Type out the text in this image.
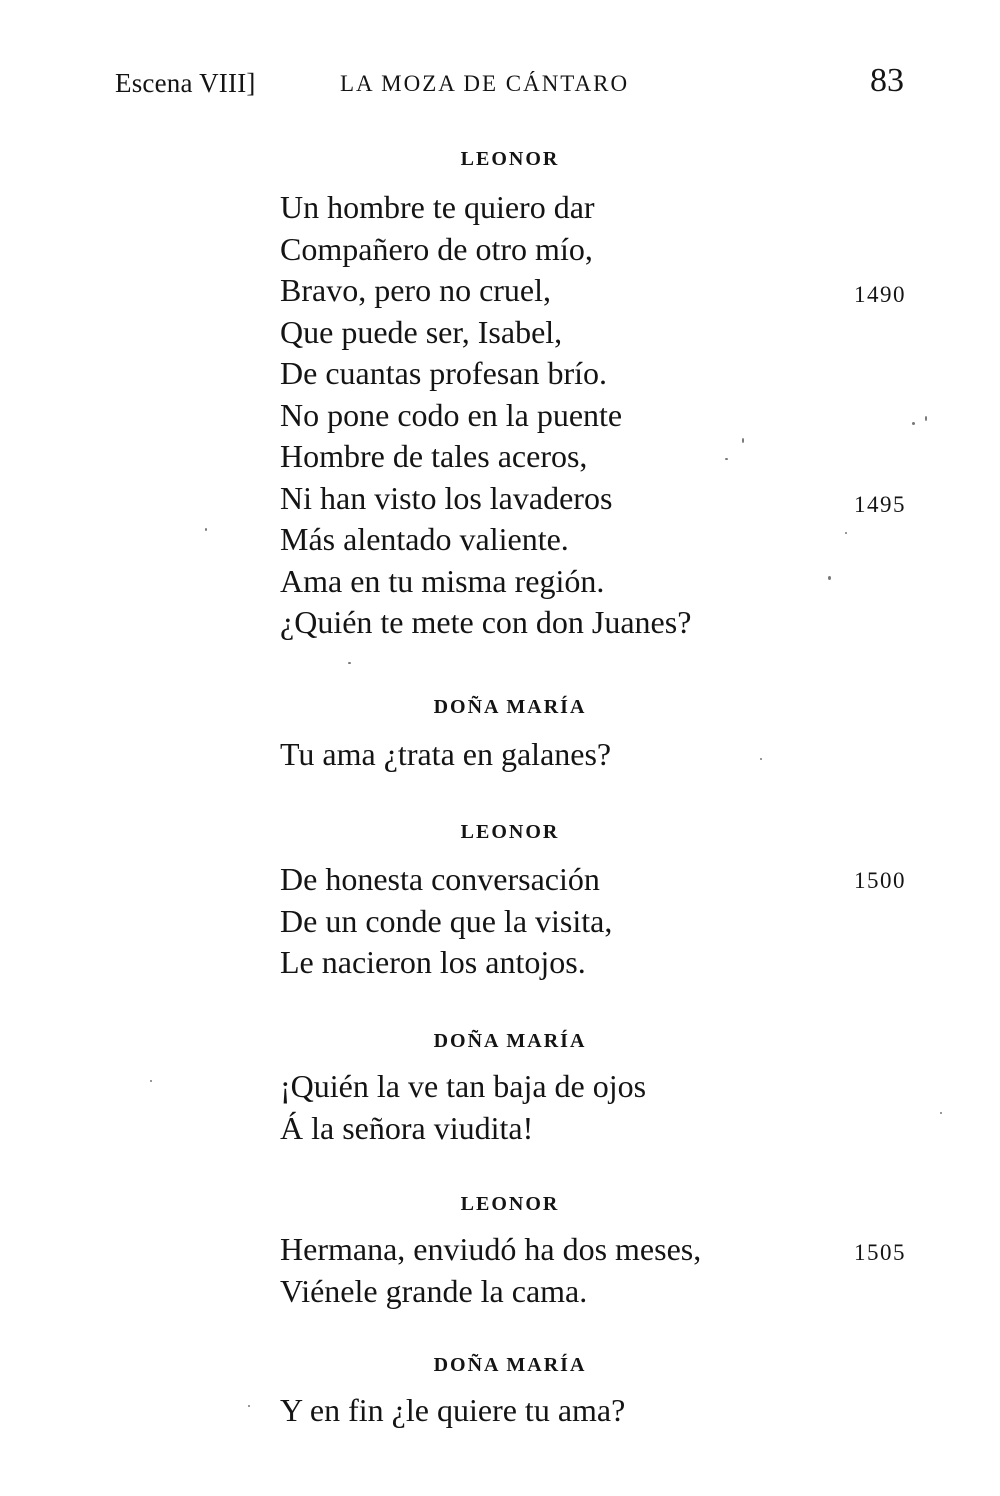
Escena VIII]	LA MOZA DE CÁNTARO	83
LEONOR
Un hombre te quiero dar
Compañero de otro mío,
Bravo, pero no cruel,
Que puede ser, Isabel,
De cuantas profesan brío.
No pone codo en la puente
Hombre de tales aceros,
Ni han visto los lavaderos
Más alentado valiente.
Ama en tu misma región.
¿Quién te mete con don Juanes?
DOÑA MARÍA
Tu ama ¿trata en galanes?
LEONOR
De honesta conversación
De un conde que la visita,
Le nacieron los antojos.
DOÑA MARÍA
¡Quién la ve tan baja de ojos
Á la señora viudita!
LEONOR
Hermana, enviudó ha dos meses,
Viénele grande la cama.
DOÑA MARÍA
Y en fin ¿le quiere tu ama?
1490
1495
1500
1505
